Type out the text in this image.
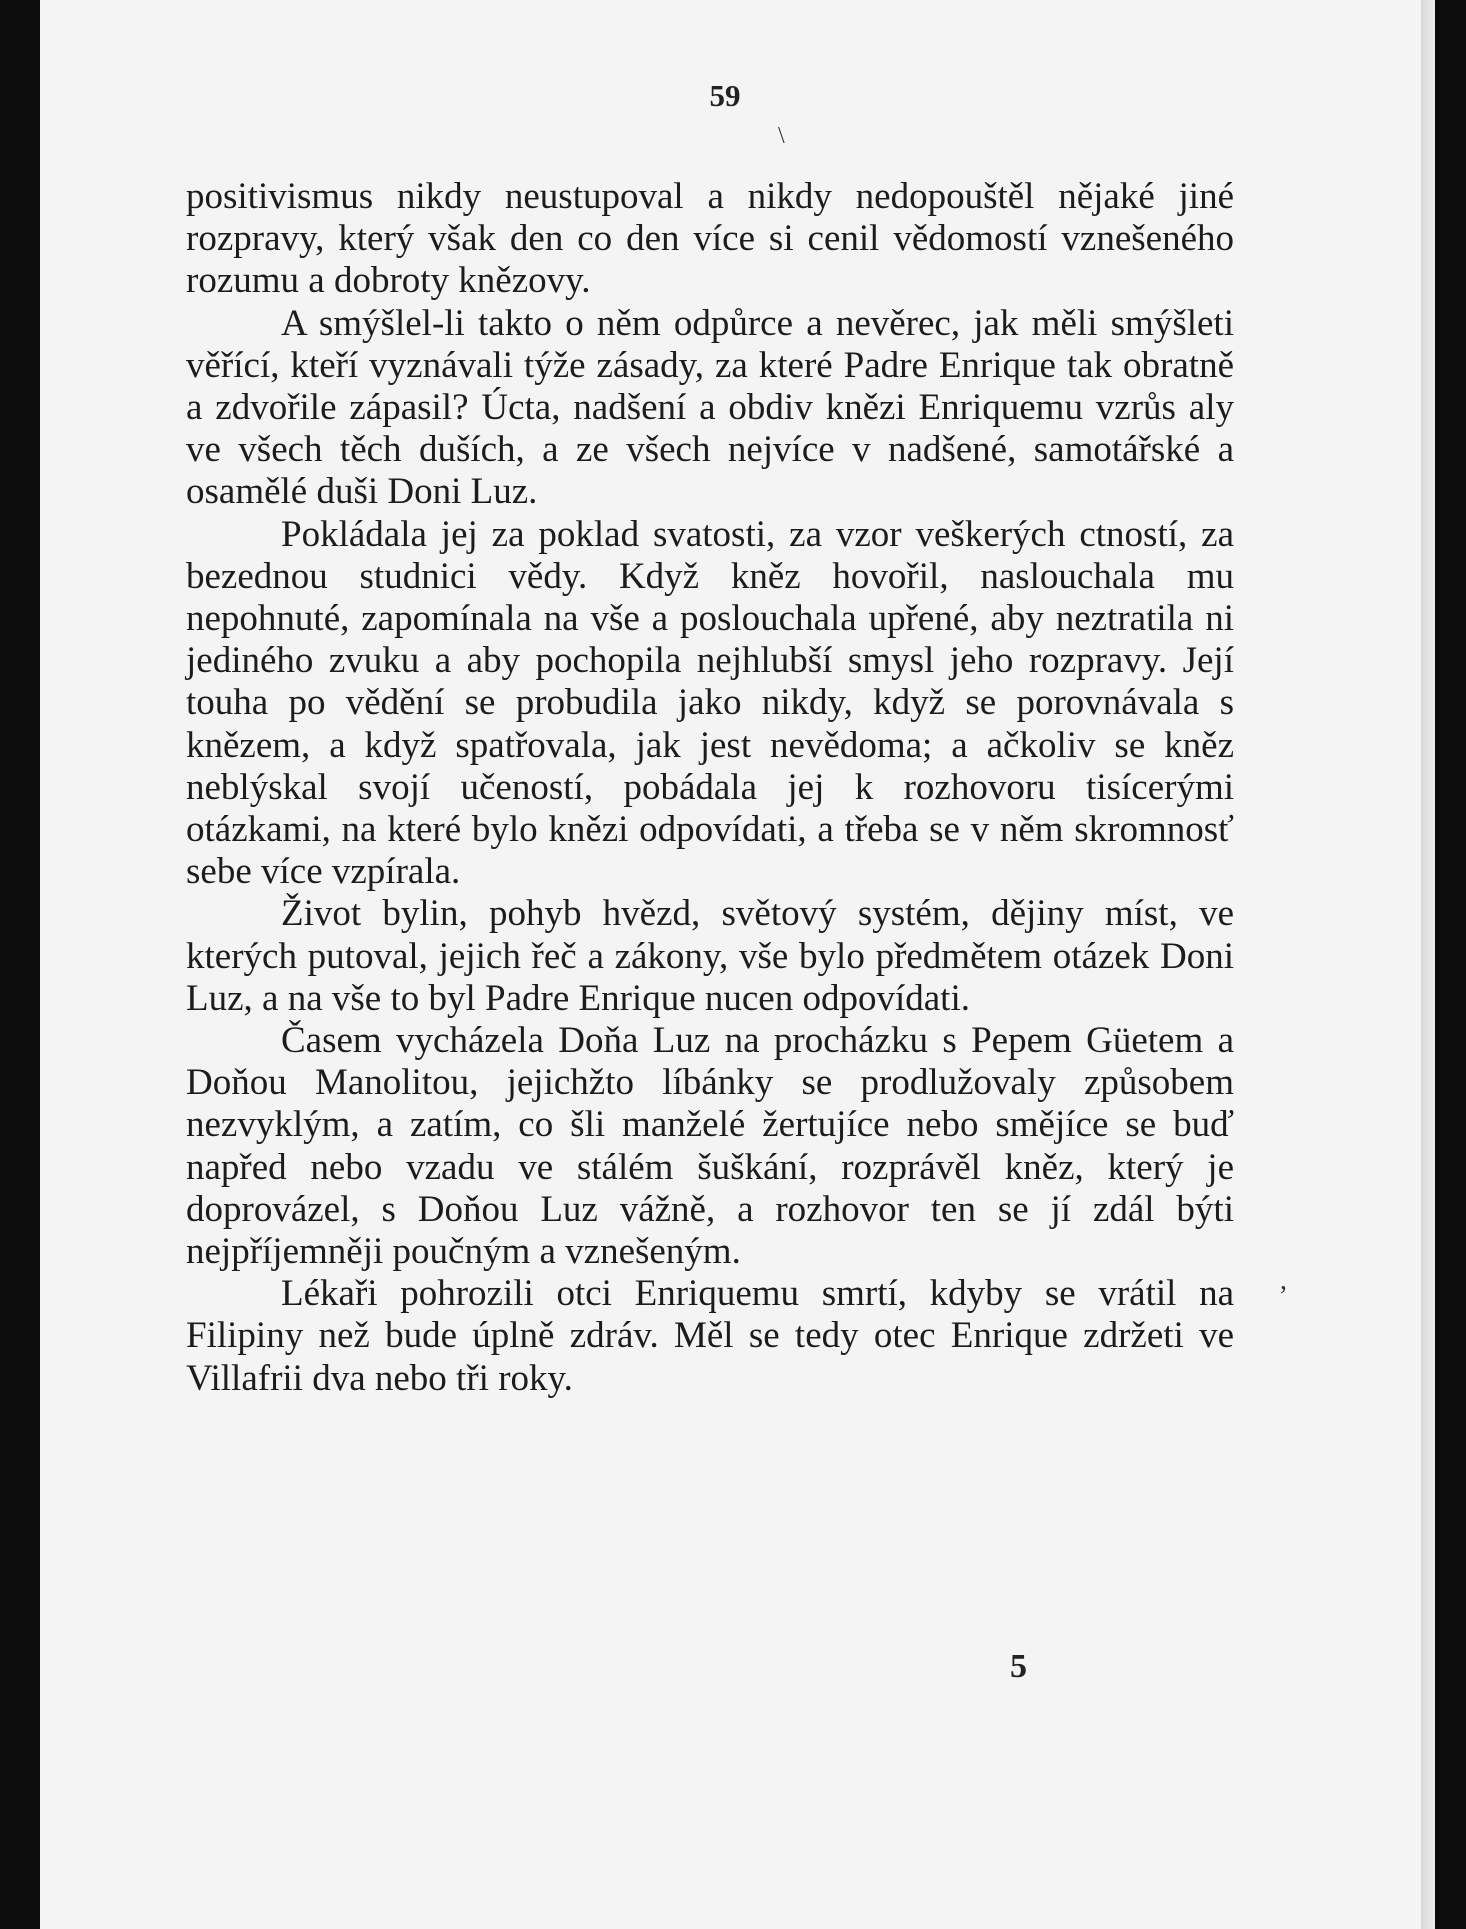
59
\
,

positivismus nikdy neustupoval a nikdy nedopouštěl nějaké jiné rozpravy, který však den co den více si cenil vědomostí vznešeného rozumu a dobroty knězovy.

A smýšlel-li takto o něm odpůrce a nevěrec, jak měli smýšleti věřící, kteří vyznávali týže zásady, za které Padre Enrique tak obratně a zdvořile zápasil? Úcta, nadšení a obdiv knězi Enriquemu vzrůs aly ve všech těch duších, a ze všech nejvíce v nadšené, samotářské a osamělé duši Doni Luz.

Pokládala jej za poklad svatosti, za vzor veškerých ctností, za bezednou studnici vědy. Když kněz hovořil, naslouchala mu nepohnuté, zapomínala na vše a poslouchala upřené, aby neztratila ni jediného zvuku a aby pochopila nejhlubší smysl jeho rozpravy. Její touha po vědění se probudila jako nikdy, když se porovnávala s knězem, a když spatřovala, jak jest nevědoma; a ačkoliv se kněz neblýskal svojí učeností, pobádala jej k rozhovoru tisícerými otázkami, na které bylo knězi odpovídati, a třeba se v něm skromnosť sebe více vzpírala.

Život bylin, pohyb hvězd, světový systém, dějiny míst, ve kterých putoval, jejich řeč a zákony, vše bylo předmětem otázek Doni Luz, a na vše to byl Padre Enrique nucen odpovídati.

Časem vycházela Doňa Luz na procházku s Pepem Güetem a Doňou Manolitou, jejichžto líbánky se prodlužovaly způsobem nezvyklým, a zatím, co šli manželé žertujíce nebo smějíce se buď napřed nebo vzadu ve stálém šuškání, rozprávěl kněz, který je doprovázel, s Doňou Luz vážně, a rozhovor ten se jí zdál býti nejpříjemněji poučným a vznešeným.

Lékaři pohrozili otci Enriquemu smrtí, kdyby se vrátil na Filipiny než bude úplně zdráv. Měl se tedy otec Enrique zdržeti ve Villafrii dva nebo tři roky.

5
